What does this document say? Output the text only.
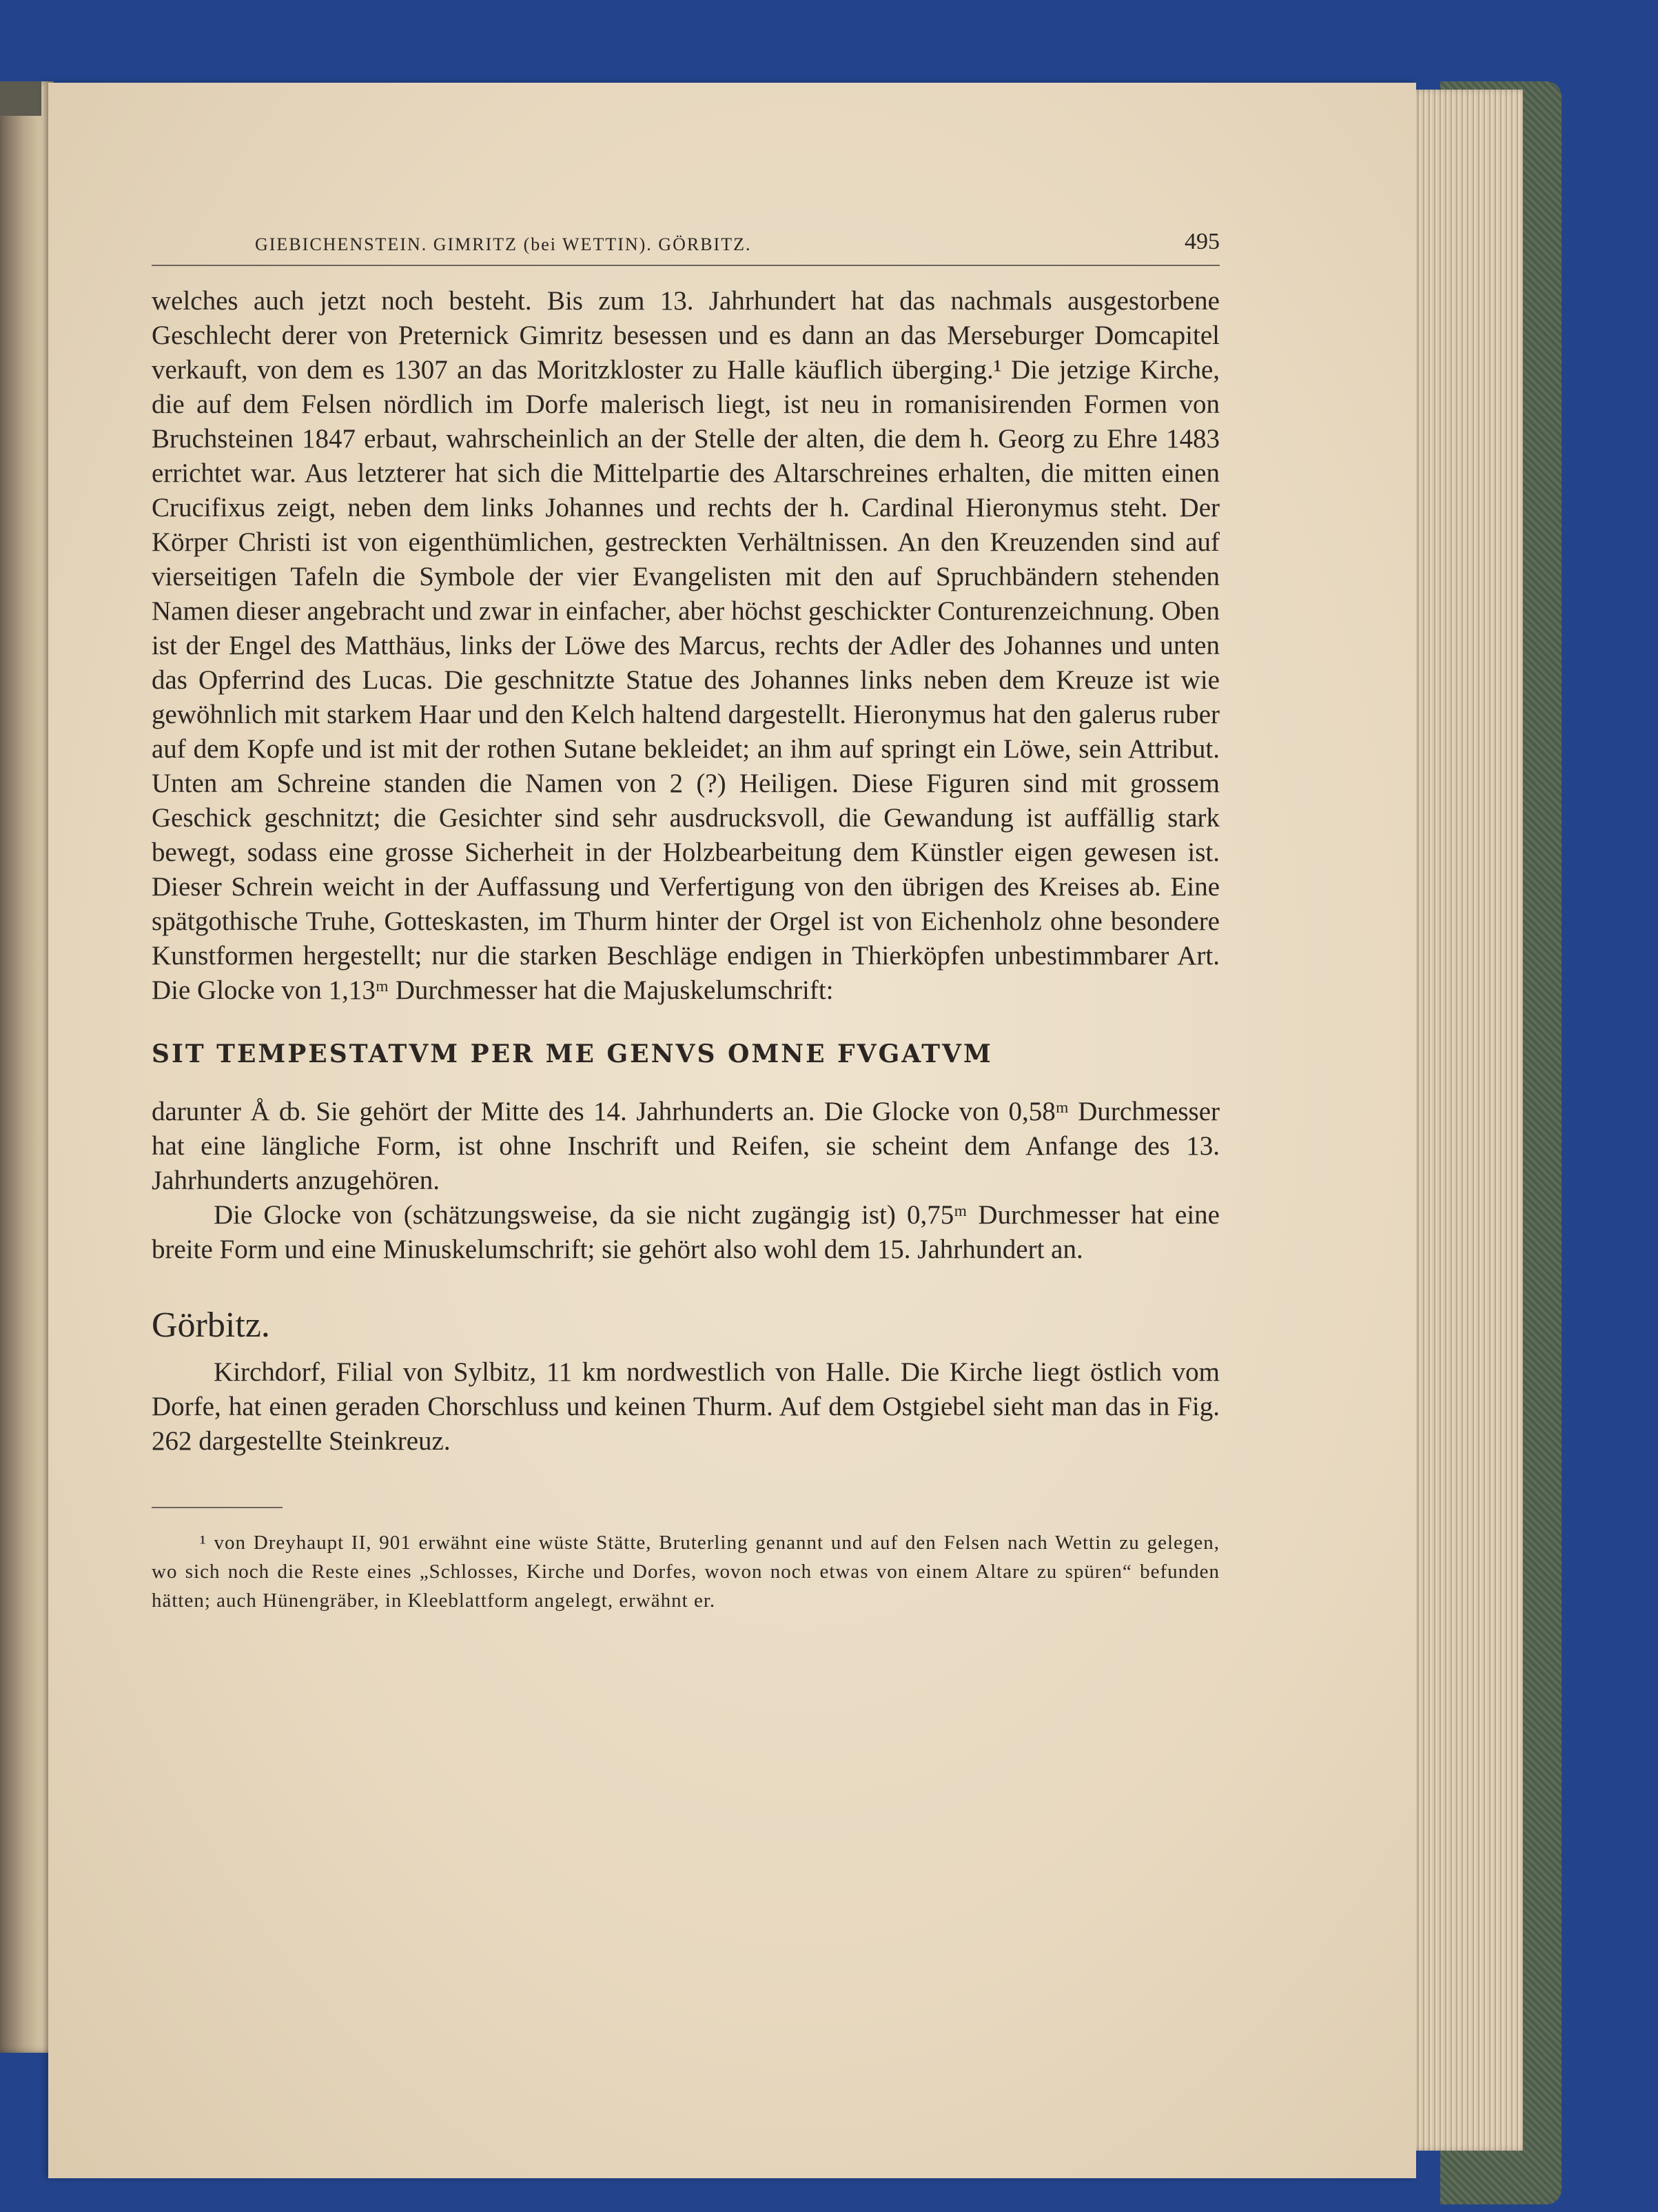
GIEBICHENSTEIN. GIMRITZ (bei WETTIN). GÖRBITZ.	495

welches auch jetzt noch besteht. Bis zum 13. Jahrhundert hat das nachmals ausgestorbene Geschlecht derer von Preternick Gimritz besessen und es dann an das Merseburger Domcapitel verkauft, von dem es 1307 an das Moritzkloster zu Halle käuflich überging.¹ Die jetzige Kirche, die auf dem Felsen nördlich im Dorfe malerisch liegt, ist neu in romanisirenden Formen von Bruchsteinen 1847 erbaut, wahrscheinlich an der Stelle der alten, die dem h. Georg zu Ehre 1483 errichtet war. Aus letzterer hat sich die Mittelpartie des Altarschreines erhalten, die mitten einen Crucifixus zeigt, neben dem links Johannes und rechts der h. Cardinal Hieronymus steht. Der Körper Christi ist von eigenthümlichen, gestreckten Verhältnissen. An den Kreuzenden sind auf vierseitigen Tafeln die Symbole der vier Evangelisten mit den auf Spruchbändern stehenden Namen dieser angebracht und zwar in einfacher, aber höchst geschickter Conturenzeichnung. Oben ist der Engel des Matthäus, links der Löwe des Marcus, rechts der Adler des Johannes und unten das Opferrind des Lucas. Die geschnitzte Statue des Johannes links neben dem Kreuze ist wie gewöhnlich mit starkem Haar und den Kelch haltend dargestellt. Hieronymus hat den galerus ruber auf dem Kopfe und ist mit der rothen Sutane bekleidet; an ihm auf springt ein Löwe, sein Attribut. Unten am Schreine standen die Namen von 2 (?) Heiligen. Diese Figuren sind mit grossem Geschick geschnitzt; die Gesichter sind sehr ausdrucksvoll, die Gewandung ist auffällig stark bewegt, sodass eine grosse Sicherheit in der Holzbearbeitung dem Künstler eigen gewesen ist. Dieser Schrein weicht in der Auffassung und Verfertigung von den übrigen des Kreises ab. Eine spätgothische Truhe, Gotteskasten, im Thurm hinter der Orgel ist von Eichenholz ohne besondere Kunstformen hergestellt; nur die starken Beschläge endigen in Thierköpfen unbestimmbarer Art. Die Glocke von 1,13ᵐ Durchmesser hat die Majuskelumschrift:

SIT TEMPESTATVM PER ME GENVS OMNE FVGATVM

darunter Å ȸ. Sie gehört der Mitte des 14. Jahrhunderts an. Die Glocke von 0,58ᵐ Durchmesser hat eine längliche Form, ist ohne Inschrift und Reifen, sie scheint dem Anfange des 13. Jahrhunderts anzugehören.

Die Glocke von (schätzungsweise, da sie nicht zugängig ist) 0,75ᵐ Durchmesser hat eine breite Form und eine Minuskelumschrift; sie gehört also wohl dem 15. Jahrhundert an.

Görbitz.

Kirchdorf, Filial von Sylbitz, 11 km nordwestlich von Halle. Die Kirche liegt östlich vom Dorfe, hat einen geraden Chorschluss und keinen Thurm. Auf dem Ostgiebel sieht man das in Fig. 262 dargestellte Steinkreuz.

¹ von Dreyhaupt II, 901 erwähnt eine wüste Stätte, Bruterling genannt und auf den Felsen nach Wettin zu gelegen, wo sich noch die Reste eines „Schlosses, Kirche und Dorfes, wovon noch etwas von einem Altare zu spüren“ befunden hätten; auch Hünengräber, in Kleeblattform angelegt, erwähnt er.
